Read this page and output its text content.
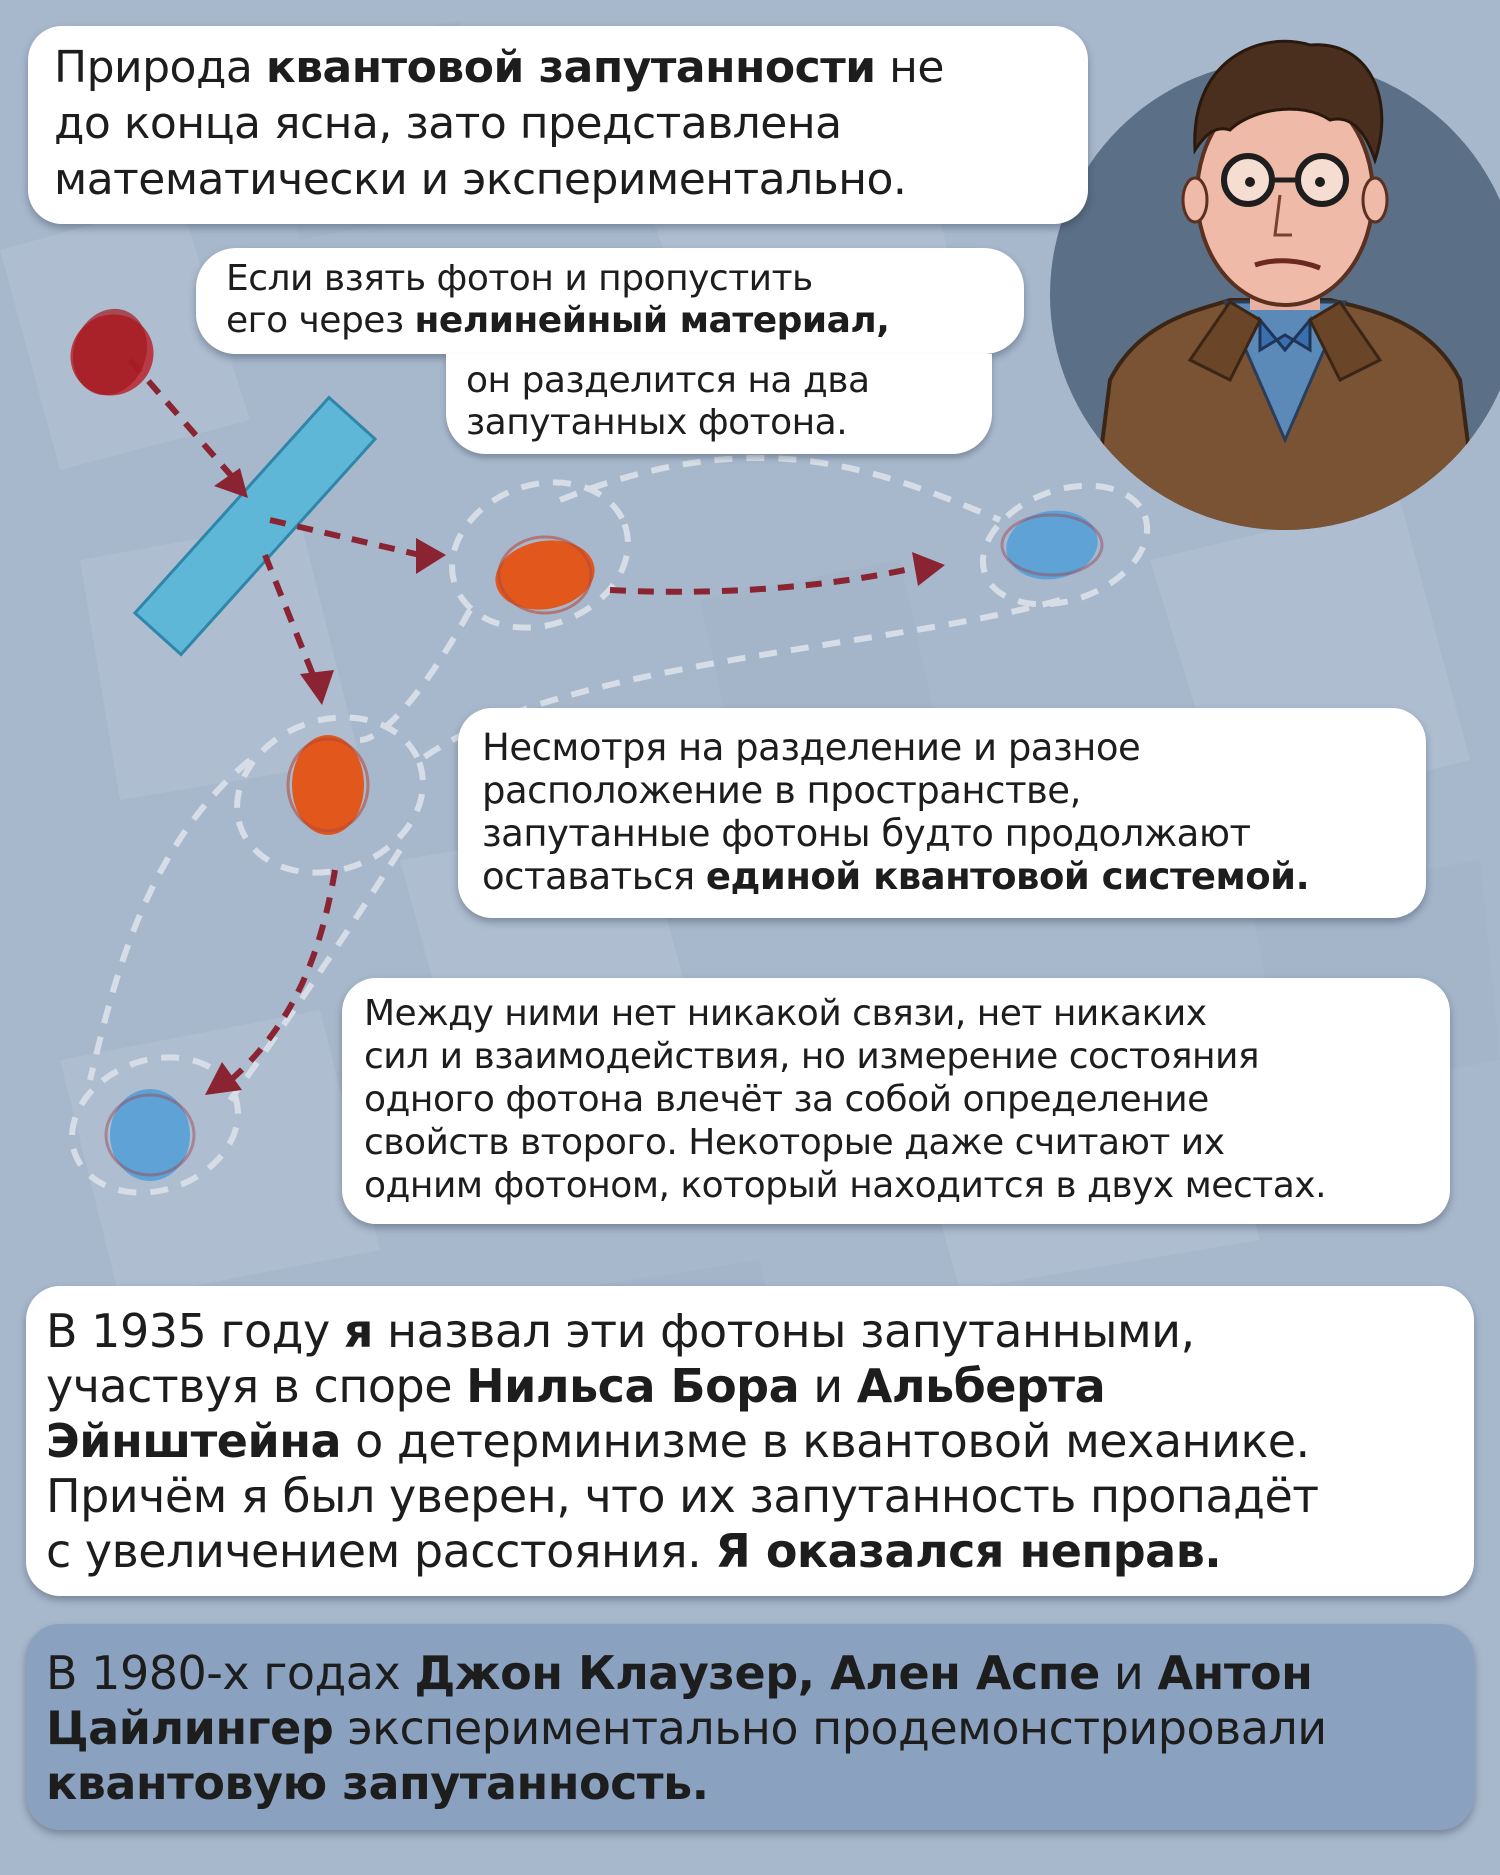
Природа квантовой запутанности не
до конца ясна, зато представлена
математически и экспериментально.
Если взять фотон и пропустить
его через нелинейный материал,
он разделится на два
запутанных фотона.
Несмотря на разделение и разное
расположение в пространстве,
запутанные фотоны будто продолжают
оставаться единой квантовой системой.
Между ними нет никакой связи, нет никаких
сил и взаимодействия, но измерение состояния
одного фотона влечёт за собой определение
свойств второго. Некоторые даже считают их
одним фотоном, который находится в двух местах.
В 1935 году я назвал эти фотоны запутанными,
участвуя в споре Нильса Бора и Альберта
Эйнштейна о детерминизме в квантовой механике.
Причём я был уверен, что их запутанность пропадёт
с увеличением расстояния. Я оказался неправ.
В 1980-х годах Джон Клаузер, Ален Аспе и Антон
Цайлингер экспериментально продемонстрировали
квантовую запутанность.
